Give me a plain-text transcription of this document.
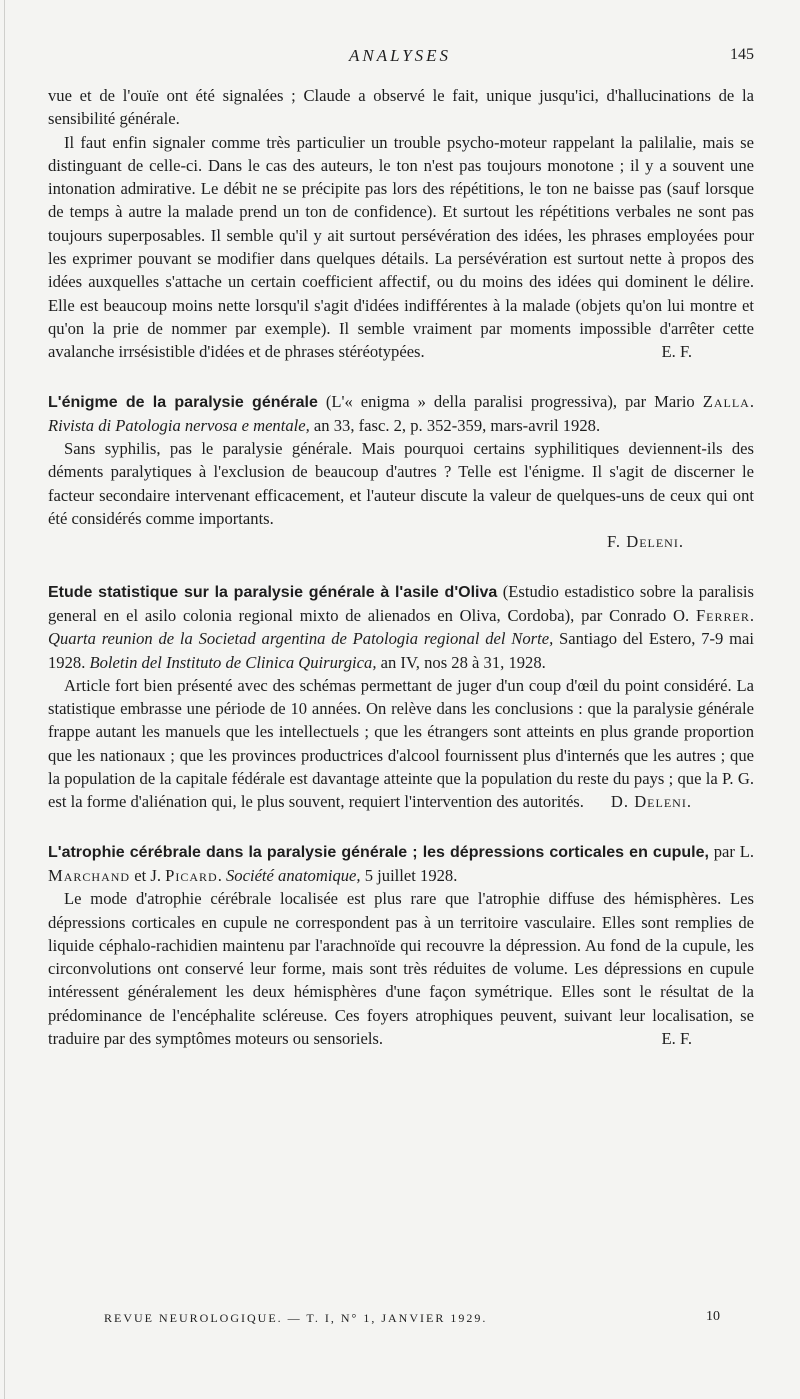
ANALYSES	145

vue et de l'ouïe ont été signalées ; Claude a observé le fait, unique jusqu'ici, d'hallucinations de la sensibilité générale.

Il faut enfin signaler comme très particulier un trouble psycho-moteur rappelant la palilalie, mais se distinguant de celle-ci. Dans le cas des auteurs, le ton n'est pas toujours monotone ; il y a souvent une intonation admirative. Le débit ne se précipite pas lors des répétitions, le ton ne baisse pas (sauf lorsque de temps à autre la malade prend un ton de confidence). Et surtout les répétitions verbales ne sont pas toujours superposables. Il semble qu'il y ait surtout persévération des idées, les phrases employées pour les exprimer pouvant se modifier dans quelques détails. La persévération est surtout nette à propos des idées auxquelles s'attache un certain coefficient affectif, ou du moins des idées qui dominent le délire. Elle est beaucoup moins nette lorsqu'il s'agit d'idées indifférentes à la malade (objets qu'on lui montre et qu'on la prie de nommer par exemple). Il semble vraiment par moments impossible d'arrêter cette avalanche irrsésistible d'idées et de phrases stéréotypées.	E. F.

L'énigme de la paralysie générale (L'« enigma » della paralisi progressiva), par Mario Zalla. Rivista di Patologia nervosa e mentale, an 33, fasc. 2, p. 352-359, mars-avril 1928.

Sans syphilis, pas le paralysie générale. Mais pourquoi certains syphilitiques deviennent-ils des déments paralytiques à l'exclusion de beaucoup d'autres ? Telle est l'énigme. Il s'agit de discerner le facteur secondaire intervenant efficacement, et l'auteur discute la valeur de quelques-uns de ceux qui ont été considérés comme importants.

F. Deleni.

Etude statistique sur la paralysie générale à l'asile d'Oliva (Estudio estadistico sobre la paralisis general en el asilo colonia regional mixto de alienados en Oliva, Cordoba), par Conrado O. Ferrer. Quarta reunion de la Societad argentina de Patologia regional del Norte, Santiago del Estero, 7-9 mai 1928. Boletin del Instituto de Clinica Quirurgica, an IV, nos 28 à 31, 1928.

Article fort bien présenté avec des schémas permettant de juger d'un coup d'œil du point considéré. La statistique embrasse une période de 10 années. On relève dans les conclusions : que la paralysie générale frappe autant les manuels que les intellectuels ; que les étrangers sont atteints en plus grande proportion que les nationaux ; que les provinces productrices d'alcool fournissent plus d'internés que les autres ; que la population de la capitale fédérale est davantage atteinte que la population du reste du pays ; que la P. G. est la forme d'aliénation qui, le plus souvent, requiert l'intervention des autorités.	D. Deleni.

L'atrophie cérébrale dans la paralysie générale ; les dépressions corticales en cupule, par L. Marchand et J. Picard. Société anatomique, 5 juillet 1928.

Le mode d'atrophie cérébrale localisée est plus rare que l'atrophie diffuse des hémisphères. Les dépressions corticales en cupule ne correspondent pas à un territoire vasculaire. Elles sont remplies de liquide céphalo-rachidien maintenu par l'arachnoïde qui recouvre la dépression. Au fond de la cupule, les circonvolutions ont conservé leur forme, mais sont très réduites de volume. Les dépressions en cupule intéressent généralement les deux hémisphères d'une façon symétrique. Elles sont le résultat de la prédominance de l'encéphalite scléreuse. Ces foyers atrophiques peuvent, suivant leur localisation, se traduire par des symptômes moteurs ou sensoriels.	E. F.

REVUE NEUROLOGIQUE. — T. I, N° 1, JANVIER 1929.	10
